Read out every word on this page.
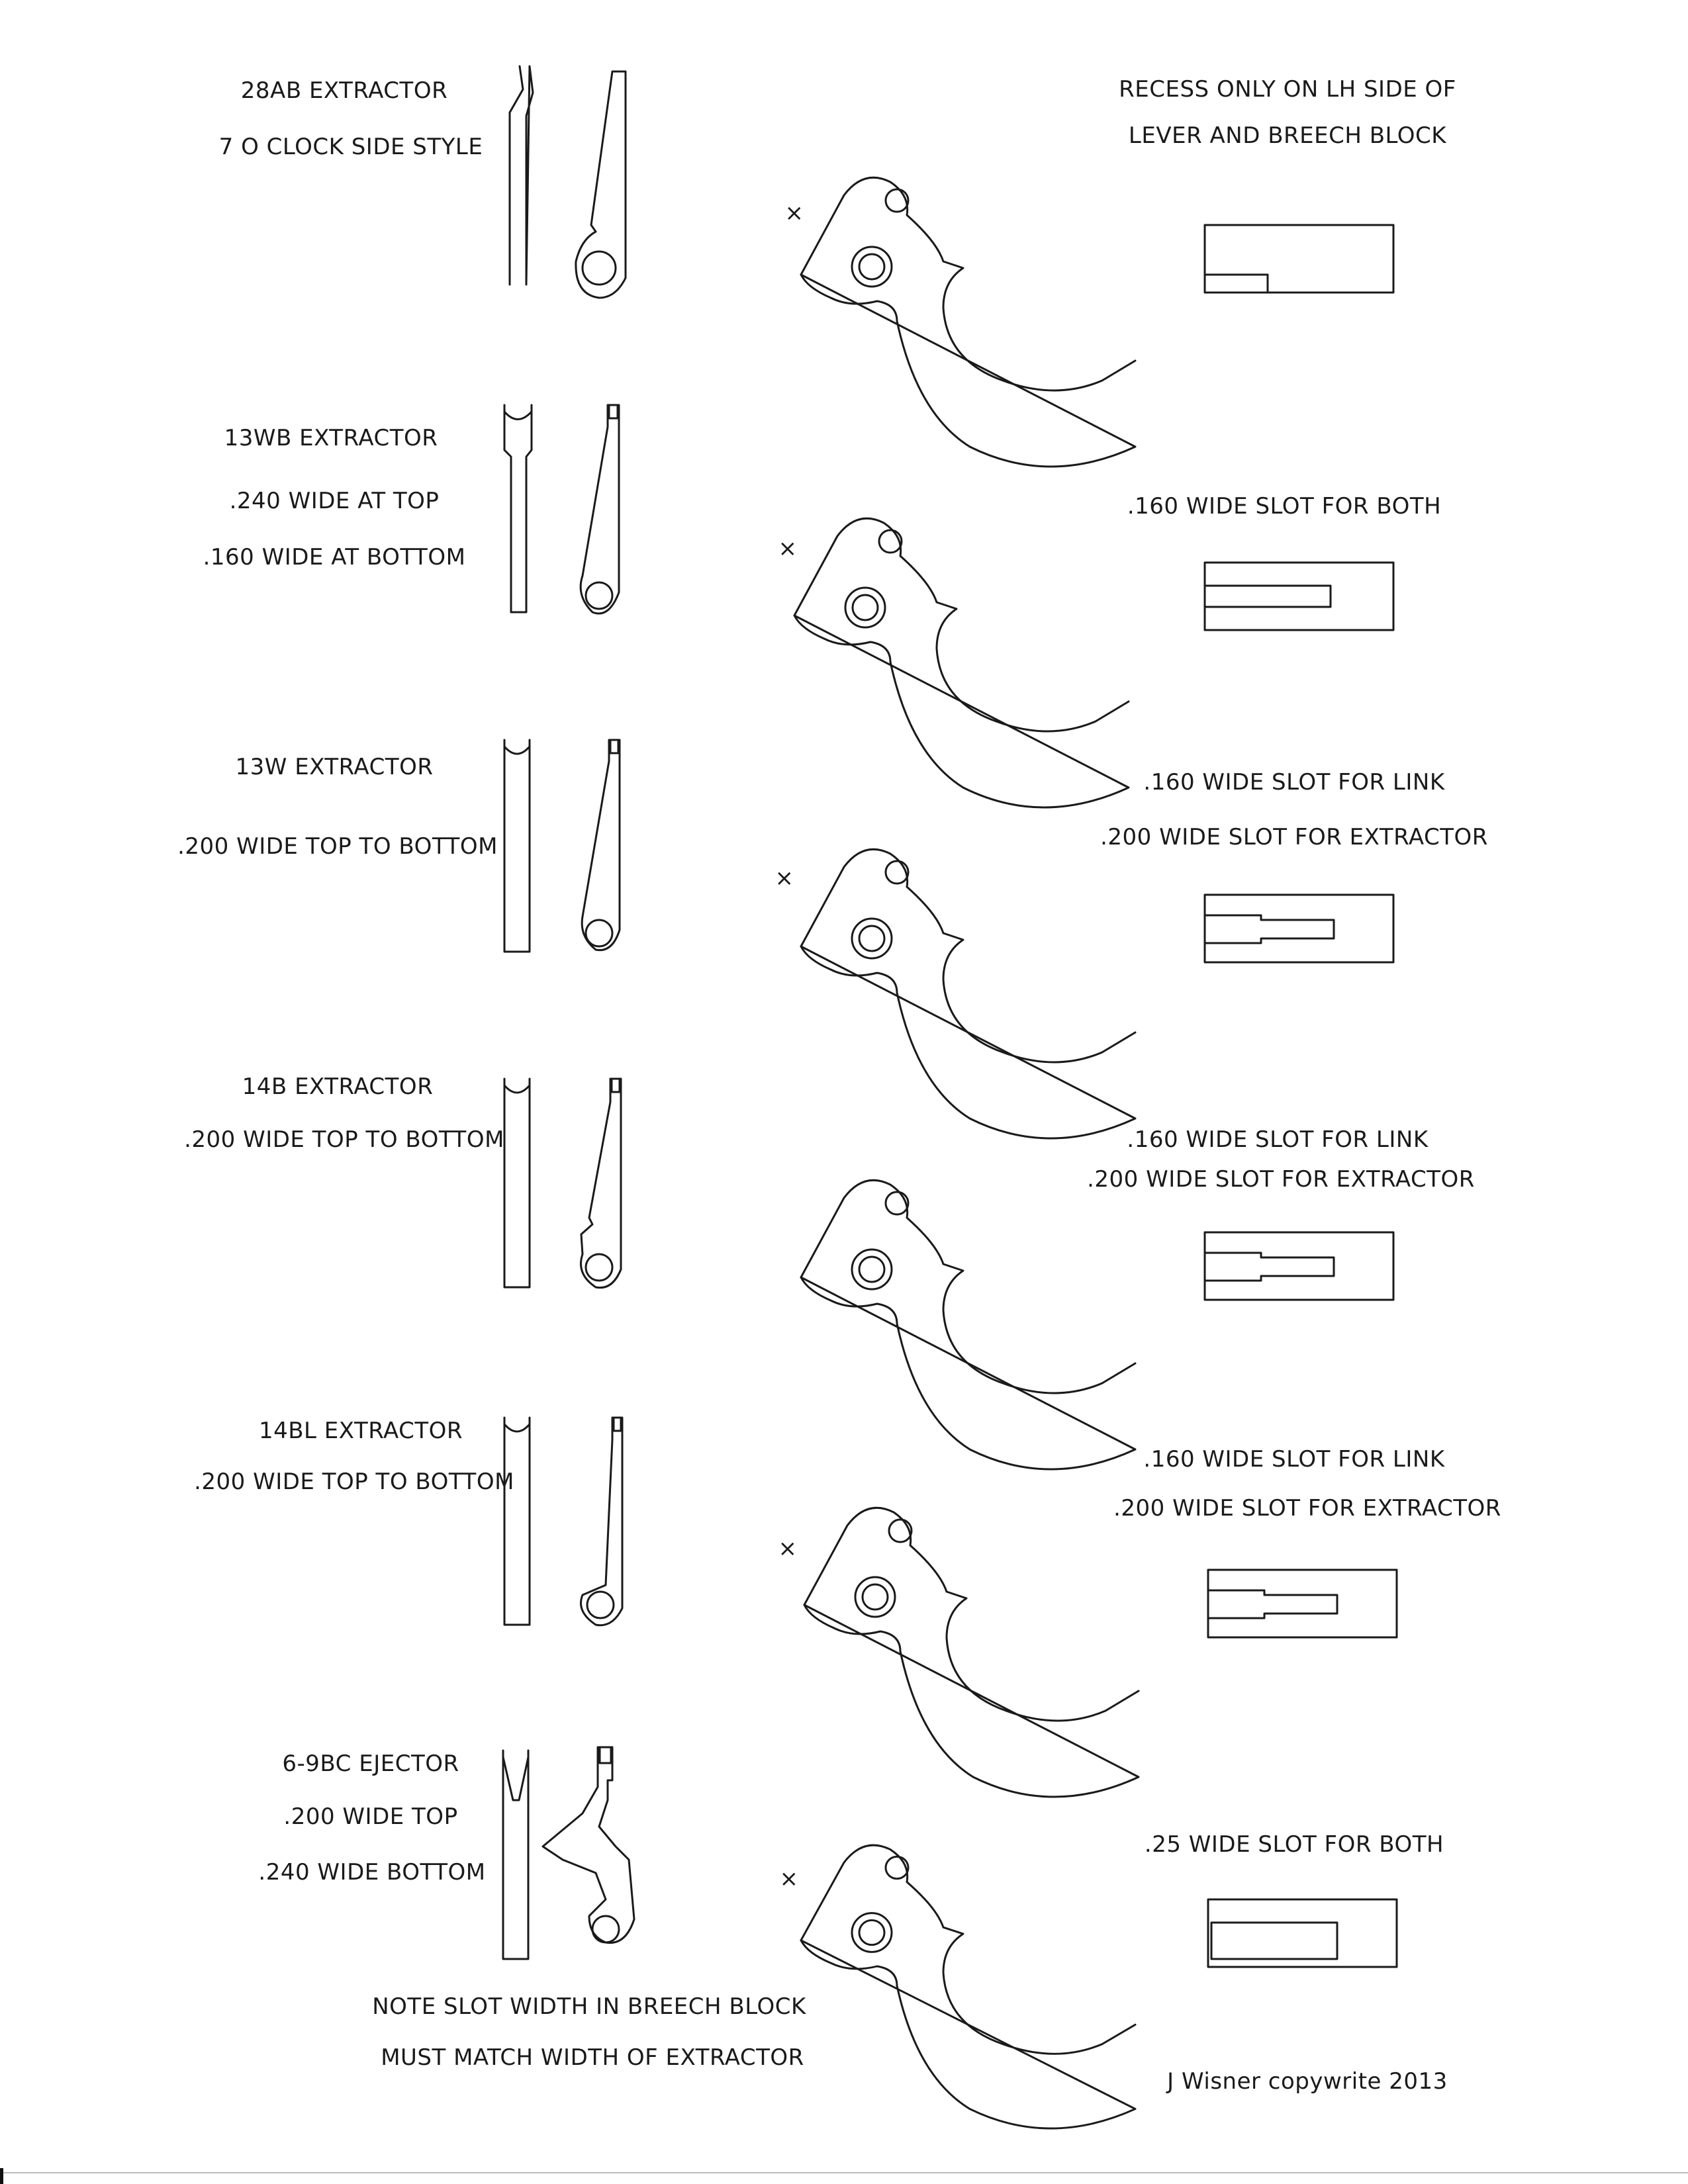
28AB EXTRACTOR
7 O CLOCK SIDE STYLE
×
RECESS ONLY ON LH SIDE OF
LEVER AND BREECH BLOCK
13WB EXTRACTOR
.240 WIDE AT TOP
.160 WIDE AT BOTTOM	×
.160 WIDE SLOT FOR BOTH
13W EXTRACTOR
.200 WIDE TOP TO BOTTOM
×
.160 WIDE SLOT FOR LINK
.200 WIDE SLOT FOR EXTRACTOR
14B EXTRACTOR
.200 WIDE TOP TO BOTTOM	.160 WIDE SLOT FOR LINK
.200 WIDE SLOT FOR EXTRACTOR
14BL EXTRACTOR
.200 WIDE TOP TO BOTTOM
×
.160 WIDE SLOT FOR LINK
.200 WIDE SLOT FOR EXTRACTOR
6-9BC EJECTOR
.200 WIDE TOP
.240 WIDE BOTTOM	×
.25 WIDE SLOT FOR BOTH
NOTE SLOT WIDTH IN BREECH BLOCK
MUST MATCH WIDTH OF EXTRACTOR
J Wisner copywrite 2013
